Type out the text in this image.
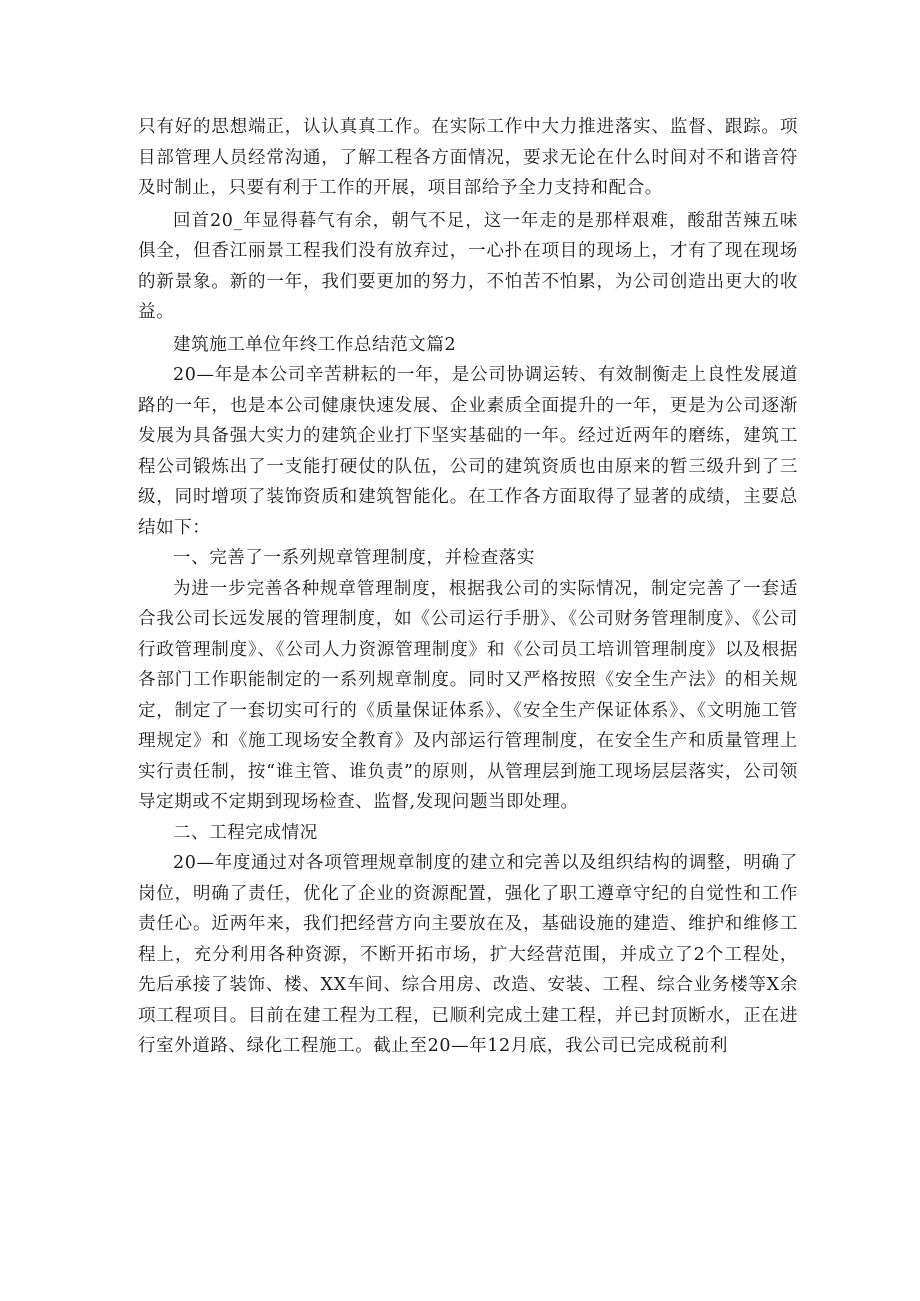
只有好的思想端正，认认真真工作。在实际工作中大力推进落实、监督、跟踪。项目部管理人员经常沟通，了解工程各方面情况，要求无论在什么时间对不和谐音符及时制止，只要有利于工作的开展，项目部给予全力支持和配合。

回首20_年显得暮气有余，朝气不足，这一年走的是那样艰难，酸甜苦辣五味俱全，但香江丽景工程我们没有放弃过，一心扑在项目的现场上，才有了现在现场的新景象。新的一年，我们要更加的努力，不怕苦不怕累，为公司创造出更大的收益。

建筑施工单位年终工作总结范文篇2

20—年是本公司辛苦耕耘的一年，是公司协调运转、有效制衡走上良性发展道路的一年，也是本公司健康快速发展、企业素质全面提升的一年，更是为公司逐渐发展为具备强大实力的建筑企业打下坚实基础的一年。经过近两年的磨练，建筑工程公司锻炼出了一支能打硬仗的队伍，公司的建筑资质也由原来的暂三级升到了三级，同时增项了装饰资质和建筑智能化。在工作各方面取得了显著的成绩，主要总结如下：

一、完善了一系列规章管理制度，并检查落实

为进一步完善各种规章管理制度，根据我公司的实际情况，制定完善了一套适合我公司长远发展的管理制度，如《公司运行手册》、《公司财务管理制度》、《公司行政管理制度》、《公司人力资源管理制度》和《公司员工培训管理制度》以及根据各部门工作职能制定的一系列规章制度。同时又严格按照《安全生产法》的相关规定，制定了一套切实可行的《质量保证体系》、《安全生产保证体系》、《文明施工管理规定》和《施工现场安全教育》及内部运行管理制度，在安全生产和质量管理上实行责任制，按“谁主管、谁负责”的原则，从管理层到施工现场层层落实，公司领导定期或不定期到现场检查、监督,发现问题当即处理。

二、工程完成情况

20—年度通过对各项管理规章制度的建立和完善以及组织结构的调整，明确了岗位，明确了责任，优化了企业的资源配置，强化了职工遵章守纪的自觉性和工作责任心。近两年来，我们把经营方向主要放在及，基础设施的建造、维护和维修工程上，充分利用各种资源，不断开拓市场，扩大经营范围，并成立了2个工程处，先后承接了装饰、楼、XX车间、综合用房、改造、安装、工程、综合业务楼等X余项工程项目。目前在建工程为工程，已顺利完成土建工程，并已封顶断水，正在进行室外道路、绿化工程施工。截止至20—年12月底，我公司已完成税前利
